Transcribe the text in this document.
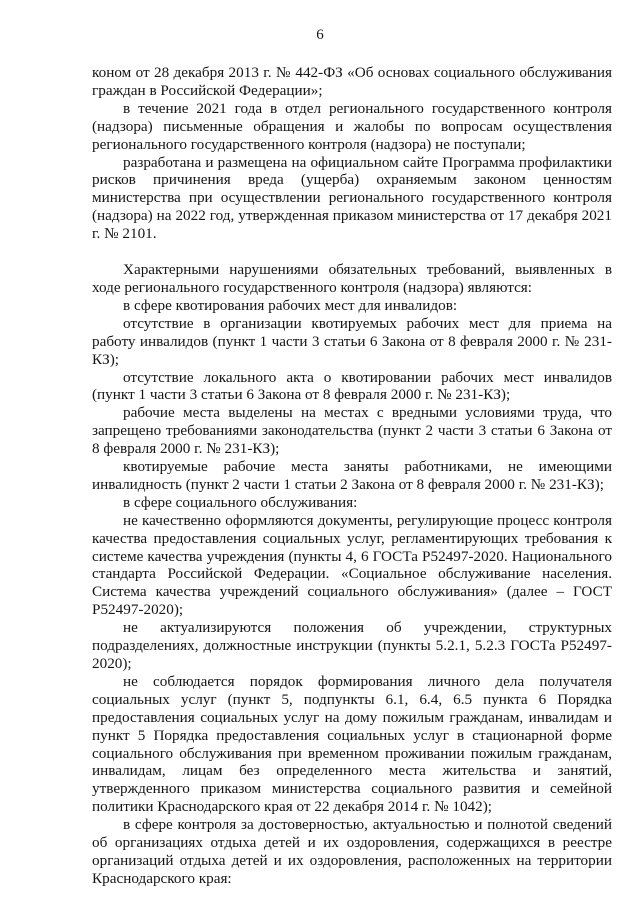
6

коном от 28 декабря 2013 г. № 442-ФЗ «Об основах социального обслуживания граждан в Российской Федерации»;

в течение 2021 года в отдел регионального государственного контроля (надзора) письменные обращения и жалобы по вопросам осуществления регионального государственного контроля (надзора) не поступали;

разработана и размещена на официальном сайте Программа профилактики рисков причинения вреда (ущерба) охраняемым законом ценностям министерства при осуществлении регионального государственного контроля (надзора) на 2022 год, утвержденная приказом министерства от 17 декабря 2021 г. № 2101.

Характерными нарушениями обязательных требований, выявленных в ходе регионального государственного контроля (надзора) являются:

в сфере квотирования рабочих мест для инвалидов:

отсутствие в организации квотируемых рабочих мест для приема на работу инвалидов (пункт 1 части 3 статьи 6 Закона от 8 февраля 2000 г. № 231-КЗ);

отсутствие локального акта о квотировании рабочих мест инвалидов (пункт 1 части 3 статьи 6 Закона от 8 февраля 2000 г. № 231-КЗ);

рабочие места выделены на местах с вредными условиями труда, что запрещено требованиями законодательства (пункт 2 части 3 статьи 6 Закона от 8 февраля 2000 г. № 231-КЗ);

квотируемые рабочие места заняты работниками, не имеющими инвалидность (пункт 2 части 1 статьи 2 Закона от 8 февраля 2000 г. № 231-КЗ);

в сфере социального обслуживания:

не качественно оформляются документы, регулирующие процесс контроля качества предоставления социальных услуг, регламентирующих требования к системе качества учреждения (пункты 4, 6 ГОСТа Р52497-2020. Национального стандарта Российской Федерации. «Социальное обслуживание населения. Система качества учреждений социального обслуживания» (далее – ГОСТ Р52497-2020);

не актуализируются положения об учреждении, структурных подразделениях, должностные инструкции (пункты 5.2.1, 5.2.3 ГОСТа Р52497-2020);

не соблюдается порядок формирования личного дела получателя социальных услуг (пункт 5, подпункты 6.1, 6.4, 6.5 пункта 6 Порядка предоставления социальных услуг на дому пожилым гражданам, инвалидам и пункт 5 Порядка предоставления социальных услуг в стационарной форме социального обслуживания при временном проживании пожилым гражданам, инвалидам, лицам без определенного места жительства и занятий, утвержденного приказом министерства социального развития и семейной политики Краснодарского края от 22 декабря 2014 г. № 1042);

в сфере контроля за достоверностью, актуальностью и полнотой сведений об организациях отдыха детей и их оздоровления, содержащихся в реестре организаций отдыха детей и их оздоровления, расположенных на территории Краснодарского края:
